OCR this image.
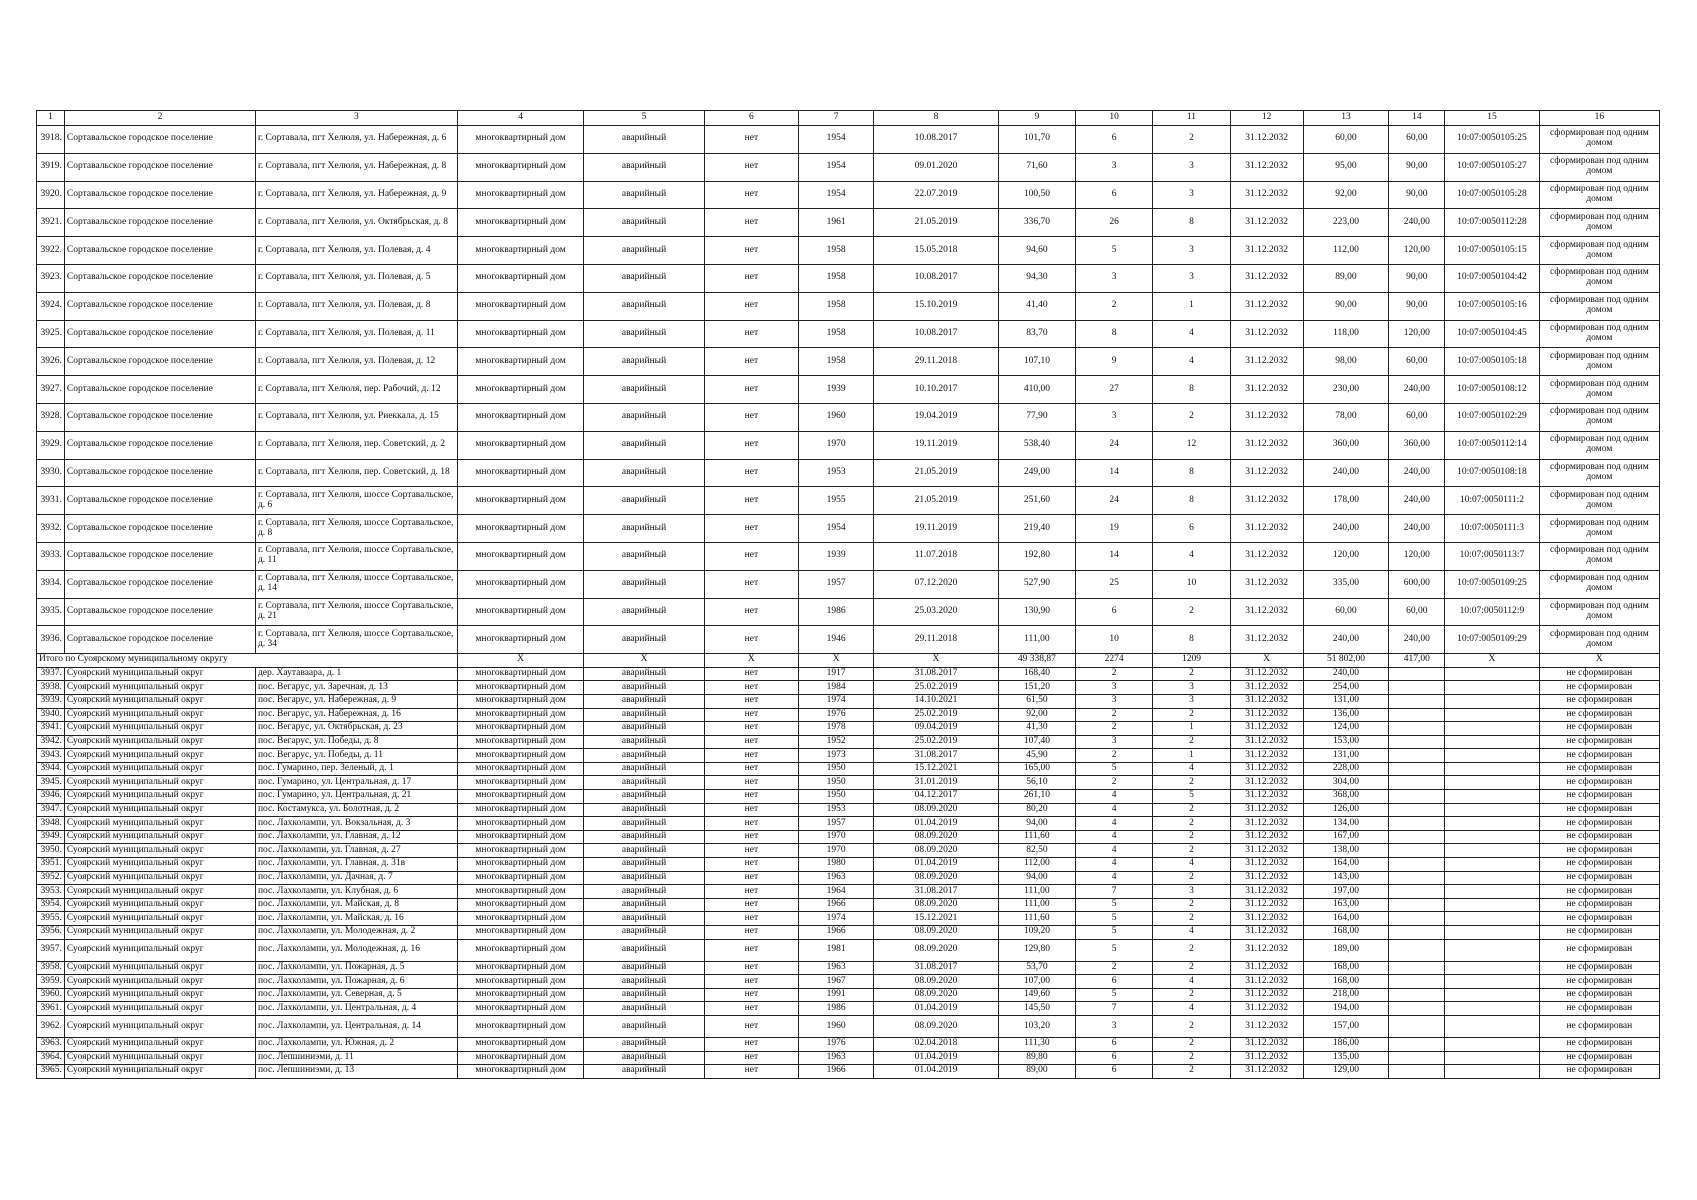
1	2	3	4	5	6	7	8	9	10	11	12	13	14	15	16
3918.	Сортавальское городское поселение	г. Сортавала, пгт Хелюля, ул. Набережная, д. 6	многоквартирный дом	аварийный	нет	1954	10.08.2017	101,70	6	2	31.12.2032	60,00	60,00	10:07:0050105:25	сформирован под одним домом
3919.	Сортавальское городское поселение	г. Сортавала, пгт Хелюля, ул. Набережная, д. 8	многоквартирный дом	аварийный	нет	1954	09.01.2020	71,60	3	3	31.12.2032	95,00	90,00	10:07:0050105:27	сформирован под одним домом
3920.	Сортавальское городское поселение	г. Сортавала, пгт Хелюля, ул. Набережная, д. 9	многоквартирный дом	аварийный	нет	1954	22.07.2019	100,50	6	3	31.12.2032	92,00	90,00	10:07:0050105:28	сформирован под одним домом
3921.	Сортавальское городское поселение	г. Сортавала, пгт Хелюля, ул. Октябрьская, д. 8	многоквартирный дом	аварийный	нет	1961	21.05.2019	336,70	26	8	31.12.2032	223,00	240,00	10:07:0050112:28	сформирован под одним домом
3922.	Сортавальское городское поселение	г. Сортавала, пгт Хелюля, ул. Полевая, д. 4	многоквартирный дом	аварийный	нет	1958	15.05.2018	94,60	5	3	31.12.2032	112,00	120,00	10:07:0050105:15	сформирован под одним домом
3923.	Сортавальское городское поселение	г. Сортавала, пгт Хелюля, ул. Полевая, д. 5	многоквартирный дом	аварийный	нет	1958	10.08.2017	94,30	3	3	31.12.2032	89,00	90,00	10:07:0050104:42	сформирован под одним домом
3924.	Сортавальское городское поселение	г. Сортавала, пгт Хелюля, ул. Полевая, д. 8	многоквартирный дом	аварийный	нет	1958	15.10.2019	41,40	2	1	31.12.2032	90,00	90,00	10:07:0050105:16	сформирован под одним домом
3925.	Сортавальское городское поселение	г. Сортавала, пгт Хелюля, ул. Полевая, д. 11	многоквартирный дом	аварийный	нет	1958	10.08.2017	83,70	8	4	31.12.2032	118,00	120,00	10:07:0050104:45	сформирован под одним домом
3926.	Сортавальское городское поселение	г. Сортавала, пгт Хелюля, ул. Полевая, д. 12	многоквартирный дом	аварийный	нет	1958	29.11.2018	107,10	9	4	31.12.2032	98,00	60,00	10:07:0050105:18	сформирован под одним домом
3927.	Сортавальское городское поселение	г. Сортавала, пгт Хелюля, пер. Рабочий, д. 12	многоквартирный дом	аварийный	нет	1939	10.10.2017	410,00	27	8	31.12.2032	230,00	240,00	10:07:0050108:12	сформирован под одним домом
3928.	Сортавальское городское поселение	г. Сортавала, пгт Хелюля, ул. Риеккала, д. 15	многоквартирный дом	аварийный	нет	1960	19.04.2019	77,90	3	2	31.12.2032	78,00	60,00	10:07:0050102:29	сформирован под одним домом
3929.	Сортавальское городское поселение	г. Сортавала, пгт Хелюля, пер. Советский, д. 2	многоквартирный дом	аварийный	нет	1970	19.11.2019	538,40	24	12	31.12.2032	360,00	360,00	10:07:0050112:14	сформирован под одним домом
3930.	Сортавальское городское поселение	г. Сортавала, пгт Хелюля, пер. Советский, д. 18	многоквартирный дом	аварийный	нет	1953	21.05.2019	249,00	14	8	31.12.2032	240,00	240,00	10:07:0050108:18	сформирован под одним домом
3931.	Сортавальское городское поселение	г. Сортавала, пгт Хелюля, шоссе Сортавальское, д. 6	многоквартирный дом	аварийный	нет	1955	21.05.2019	251,60	24	8	31.12.2032	178,00	240,00	10:07:0050111:2	сформирован под одним домом
3932.	Сортавальское городское поселение	г. Сортавала, пгт Хелюля, шоссе Сортавальское, д. 8	многоквартирный дом	аварийный	нет	1954	19.11.2019	219,40	19	6	31.12.2032	240,00	240,00	10:07:0050111:3	сформирован под одним домом
3933.	Сортавальское городское поселение	г. Сортавала, пгт Хелюля, шоссе Сортавальское, д. 11	многоквартирный дом	аварийный	нет	1939	11.07.2018	192,80	14	4	31.12.2032	120,00	120,00	10:07:0050113:7	сформирован под одним домом
3934.	Сортавальское городское поселение	г. Сортавала, пгт Хелюля, шоссе Сортавальское, д. 14	многоквартирный дом	аварийный	нет	1957	07.12.2020	527,90	25	10	31.12.2032	335,00	600,00	10:07:0050109:25	сформирован под одним домом
3935.	Сортавальское городское поселение	г. Сортавала, пгт Хелюля, шоссе Сортавальское, д. 21	многоквартирный дом	аварийный	нет	1986	25.03.2020	130,90	6	2	31.12.2032	60,00	60,00	10:07:0050112:9	сформирован под одним домом
3936.	Сортавальское городское поселение	г. Сортавала, пгт Хелюля, шоссе Сортавальское, д. 34	многоквартирный дом	аварийный	нет	1946	29.11.2018	111,00	10	8	31.12.2032	240,00	240,00	10:07:0050109:29	сформирован под одним домом
Итого по Суоярскому муниципальному округу			X	X	X	X	X	49 338,87	2274	1209	X	51 802,00	417,00	X	X
3937.	Суоярский муниципальный округ	дер. Хаутаваара, д. 1	многоквартирный дом	аварийный	нет	1917	31.08.2017	168,40	2	2	31.12.2032	240,00			не сформирован
3938.	Суоярский муниципальный округ	пос. Вегарус, ул. Заречная, д. 13	многоквартирный дом	аварийный	нет	1984	25.02.2019	151,20	3	3	31.12.2032	254,00			не сформирован
3939.	Суоярский муниципальный округ	пос. Вегарус, ул. Набережная, д. 9	многоквартирный дом	аварийный	нет	1974	14.10.2021	61,50	3	3	31.12.2032	131,00			не сформирован
3940.	Суоярский муниципальный округ	пос. Вегарус, ул. Набережная, д. 16	многоквартирный дом	аварийный	нет	1976	25.02.2019	92,00	2	2	31.12.2032	136,00			не сформирован
3941.	Суоярский муниципальный округ	пос. Вегарус, ул. Октябрьская, д. 23	многоквартирный дом	аварийный	нет	1978	09.04.2019	41,30	2	1	31.12.2032	124,00			не сформирован
3942.	Суоярский муниципальный округ	пос. Вегарус, ул. Победы, д. 8	многоквартирный дом	аварийный	нет	1952	25.02.2019	107,40	3	2	31.12.2032	153,00			не сформирован
3943.	Суоярский муниципальный округ	пос. Вегарус, ул. Победы, д. 11	многоквартирный дом	аварийный	нет	1973	31.08.2017	45,90	2	1	31.12.2032	131,00			не сформирован
3944.	Суоярский муниципальный округ	пос. Гумарино, пер. Зеленый, д. 1	многоквартирный дом	аварийный	нет	1950	15.12.2021	165,00	5	4	31.12.2032	228,00			не сформирован
3945.	Суоярский муниципальный округ	пос. Гумарино, ул. Центральная, д. 17	многоквартирный дом	аварийный	нет	1950	31.01.2019	56,10	2	2	31.12.2032	304,00			не сформирован
3946.	Суоярский муниципальный округ	пос. Гумарино, ул. Центральная, д. 21	многоквартирный дом	аварийный	нет	1950	04.12.2017	261,10	4	5	31.12.2032	368,00			не сформирован
3947.	Суоярский муниципальный округ	пос. Костамукса, ул. Болотная, д. 2	многоквартирный дом	аварийный	нет	1953	08.09.2020	80,20	4	2	31.12.2032	126,00			не сформирован
3948.	Суоярский муниципальный округ	пос. Лахколампи, ул. Вокзальная, д. 3	многоквартирный дом	аварийный	нет	1957	01.04.2019	94,00	4	2	31.12.2032	134,00			не сформирован
3949.	Суоярский муниципальный округ	пос. Лахколампи, ул. Главная, д. 12	многоквартирный дом	аварийный	нет	1970	08.09.2020	111,60	4	2	31.12.2032	167,00			не сформирован
3950.	Суоярский муниципальный округ	пос. Лахколампи, ул. Главная, д. 27	многоквартирный дом	аварийный	нет	1970	08.09.2020	82,50	4	2	31.12.2032	138,00			не сформирован
3951.	Суоярский муниципальный округ	пос. Лахколампи, ул. Главная, д. 31в	многоквартирный дом	аварийный	нет	1980	01.04.2019	112,00	4	4	31.12.2032	164,00			не сформирован
3952.	Суоярский муниципальный округ	пос. Лахколампи, ул. Дачная, д. 7	многоквартирный дом	аварийный	нет	1963	08.09.2020	94,00	4	2	31.12.2032	143,00			не сформирован
3953.	Суоярский муниципальный округ	пос. Лахколампи, ул. Клубная, д. 6	многоквартирный дом	аварийный	нет	1964	31.08.2017	111,00	7	3	31.12.2032	197,00			не сформирован
3954.	Суоярский муниципальный округ	пос. Лахколампи, ул. Майская, д. 8	многоквартирный дом	аварийный	нет	1966	08.09.2020	111,00	5	2	31.12.2032	163,00			не сформирован
3955.	Суоярский муниципальный округ	пос. Лахколампи, ул. Майская, д. 16	многоквартирный дом	аварийный	нет	1974	15.12.2021	111,60	5	2	31.12.2032	164,00			не сформирован
3956.	Суоярский муниципальный округ	пос. Лахколампи, ул. Молодежная, д. 2	многоквартирный дом	аварийный	нет	1966	08.09.2020	109,20	5	4	31.12.2032	168,00			не сформирован
3957.	Суоярский муниципальный округ	пос. Лахколампи, ул. Молодежная, д. 16	многоквартирный дом	аварийный	нет	1981	08.09.2020	129,80	5	2	31.12.2032	189,00			не сформирован
3958.	Суоярский муниципальный округ	пос. Лахколампи, ул. Пожарная, д. 5	многоквартирный дом	аварийный	нет	1963	31.08.2017	53,70	2	2	31.12.2032	168,00			не сформирован
3959.	Суоярский муниципальный округ	пос. Лахколампи, ул. Пожарная, д. 6	многоквартирный дом	аварийный	нет	1967	08.09.2020	107,00	6	4	31.12.2032	168,00			не сформирован
3960.	Суоярский муниципальный округ	пос. Лахколампи, ул. Северная, д. 5	многоквартирный дом	аварийный	нет	1991	08.09.2020	149,60	5	2	31.12.2032	218,00			не сформирован
3961.	Суоярский муниципальный округ	пос. Лахколампи, ул. Центральная, д. 4	многоквартирный дом	аварийный	нет	1986	01.04.2019	145,50	7	4	31.12.2032	194,00			не сформирован
3962.	Суоярский муниципальный округ	пос. Лахколампи, ул. Центральная, д. 14	многоквартирный дом	аварийный	нет	1960	08.09.2020	103,20	3	2	31.12.2032	157,00			не сформирован
3963.	Суоярский муниципальный округ	пос. Лахколампи, ул. Южная, д. 2	многоквартирный дом	аварийный	нет	1976	02.04.2018	111,30	6	2	31.12.2032	186,00			не сформирован
3964.	Суоярский муниципальный округ	пос. Лепшиниэми, д. 11	многоквартирный дом	аварийный	нет	1963	01.04.2019	89,80	6	2	31.12.2032	135,00			не сформирован
3965.	Суоярский муниципальный округ	пос. Лепшиниэми, д. 13	многоквартирный дом	аварийный	нет	1966	01.04.2019	89,00	6	2	31.12.2032	129,00			не сформирован
